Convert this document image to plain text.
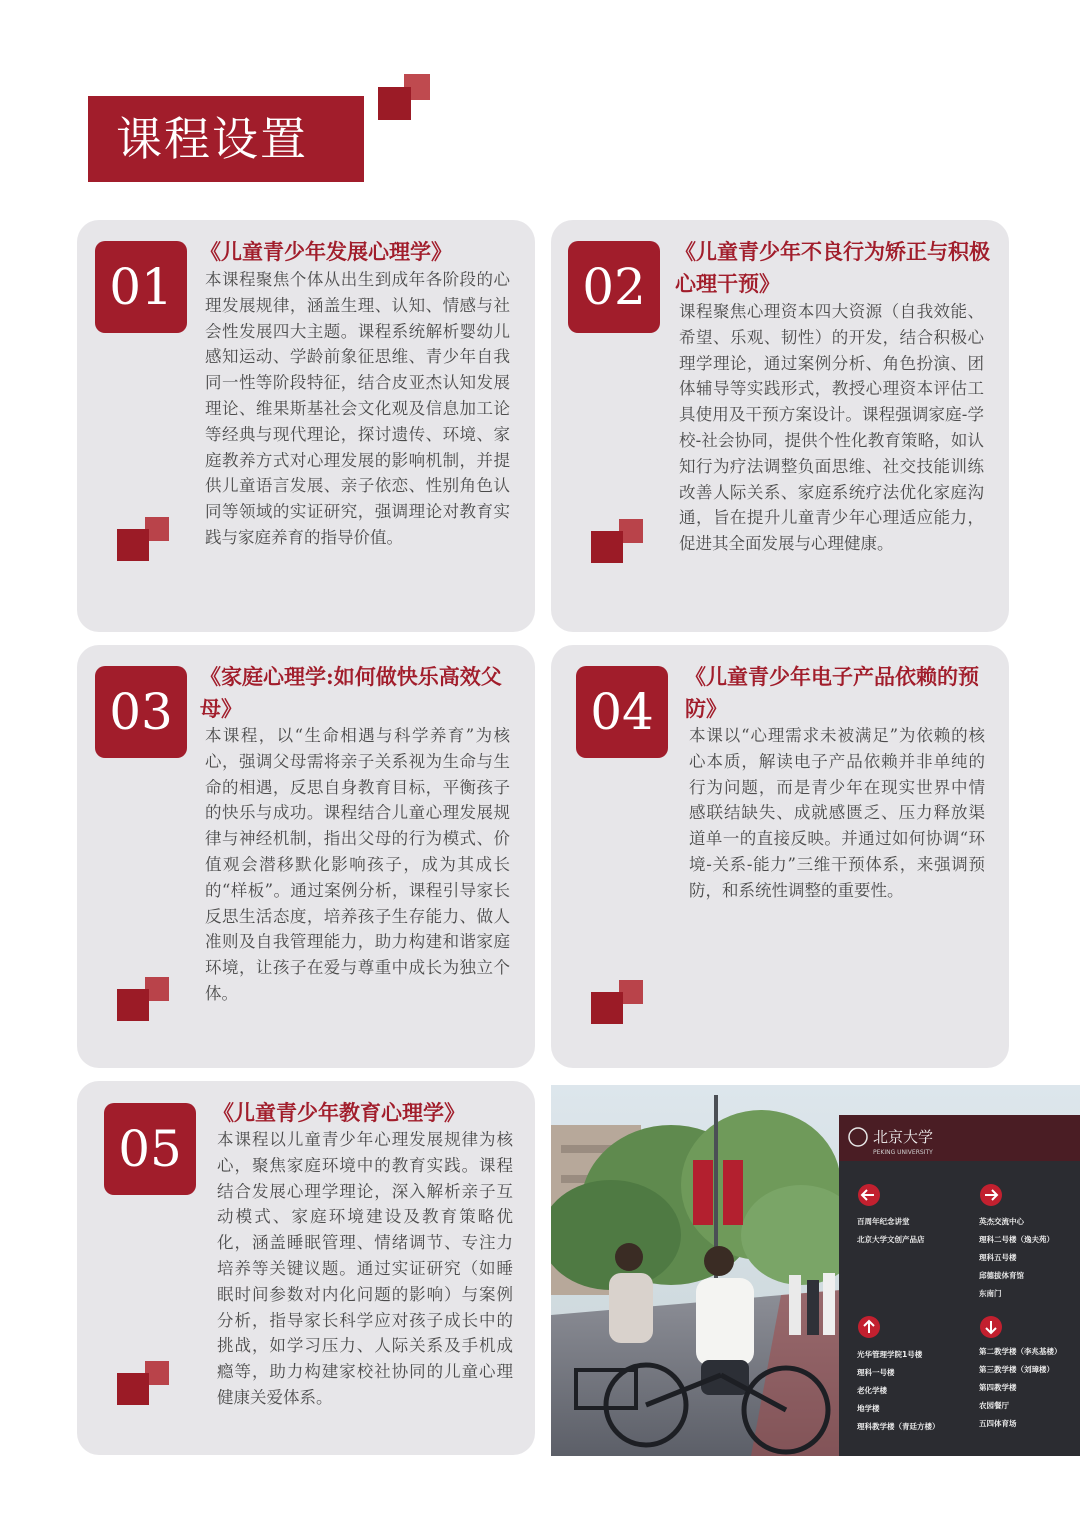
课程设置
01
《儿童青少年发展心理学》
本课程聚焦个体从出生到成年各阶段的心理发展规律，涵盖生理、认知、情感与社会性发展四大主题。课程系统解析婴幼儿感知运动、学龄前象征思维、青少年自我同一性等阶段特征，结合皮亚杰认知发展理论、维果斯基社会文化观及信息加工论等经典与现代理论，探讨遗传、环境、家庭教养方式对心理发展的影响机制，并提供儿童语言发展、亲子依恋、性别角色认同等领域的实证研究，强调理论对教育实践与家庭养育的指导价值。
02
《儿童青少年不良行为矫正与积极心理干预》
课程聚焦心理资本四大资源（自我效能、希望、乐观、韧性）的开发，结合积极心理学理论，通过案例分析、角色扮演、团体辅导等实践形式，教授心理资本评估工具使用及干预方案设计。课程强调家庭-学校-社会协同，提供个性化教育策略，如认知行为疗法调整负面思维、社交技能训练改善人际关系、家庭系统疗法优化家庭沟通，旨在提升儿童青少年心理适应能力，促进其全面发展与心理健康。
03
《家庭心理学:如何做快乐高效父母》
本课程，以“生命相遇与科学养育”为核心，强调父母需将亲子关系视为生命与生命的相遇，反思自身教育目标，平衡孩子的快乐与成功。课程结合儿童心理发展规律与神经机制，指出父母的行为模式、价值观会潜移默化影响孩子，成为其成长的“样板”。通过案例分析，课程引导家长反思生活态度，培养孩子生存能力、做人准则及自我管理能力，助力构建和谐家庭环境，让孩子在爱与尊重中成长为独立个体。
04
《儿童青少年电子产品依赖的预防》
本课以“心理需求未被满足”为依赖的核心本质，解读电子产品依赖并非单纯的行为问题，而是青少年在现实世界中情感联结缺失、成就感匮乏、压力释放渠道单一的直接反映。并通过如何协调“环境-关系-能力”三维干预体系，来强调预防，和系统性调整的重要性。
05
《儿童青少年教育心理学》
本课程以儿童青少年心理发展规律为核心，聚焦家庭环境中的教育实践。课程结合发展心理学理论，深入解析亲子互动模式、家庭环境建设及教育策略优化，涵盖睡眠管理、情绪调节、专注力培养等关键议题。通过实证研究（如睡眠时间参数对内化问题的影响）与案例分析，指导家长科学应对孩子成长中的挑战，如学习压力、人际关系及手机成瘾等，助力构建家校社协同的儿童心理健康关爱体系。
北京大学
PEKING UNIVERSITY
百周年纪念讲堂
北京大学文创产品店
光华管理学院1号楼
理科一号楼
老化学楼
地学楼
理科教学楼（青廷方楼）
英杰交流中心
理科二号楼（逸夫苑）
理科五号楼
邱德拔体育馆
东南门
第二教学楼（李兆基楼）
第三教学楼（刘璋楼）
第四教学楼
农园餐厅
五四体育场
